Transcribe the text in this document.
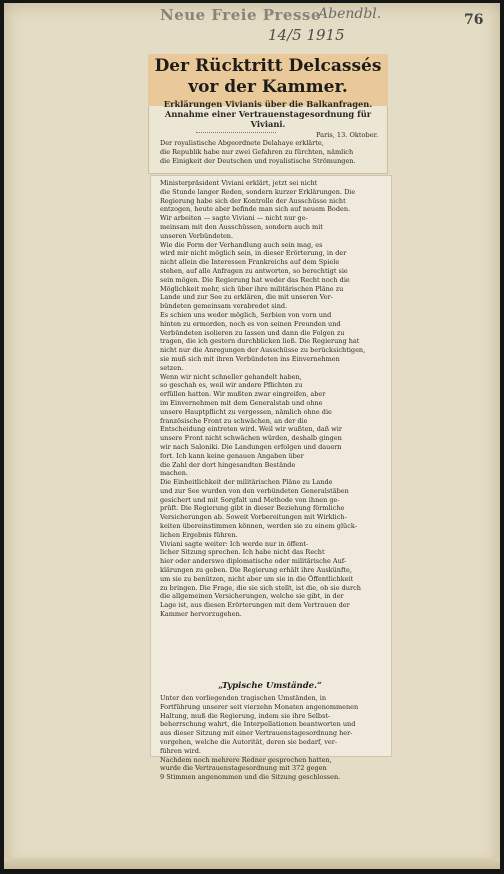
Neue Freie Presse
Abendbl.
14/5 1915
76
Der Rücktritt Delcassés
vor der Kammer.
Erklärungen Vivianis über die Balkanfragen.
Annahme einer Vertrauenstagesordnung für
Viviani.
Paris, 13. Oktober.
Der royalistische Abgeordnete Delahaye erklärte,
die Republik habe nur zwei Gefahren zu fürchten, nämlich
die Einigkeit der Deutschen und royalistische Strömungen.
Ministerpräsident Viviani erklärt, jetzt sei nicht
die Stunde langer Reden, sondern kurzer Erklärungen. Die
Regierung habe sich der Kontrolle der Ausschüsse nicht
entzogen, heute aber befinde man sich auf neuem Boden.
Wir arbeiten — sagte Viviani — nicht nur ge-
meinsam mit den Ausschüssen, sondern auch mit
unseren Verbündeten.
Wie die Form der Verhandlung auch sein mag, es
wird mir nicht möglich sein, in dieser Erörterung, in der
nicht allein die Interessen Frankreichs auf dem Spiele
stehen, auf alle Anfragen zu antworten, so berechtigt sie
sein mögen. Die Regierung hat weder das Recht noch die
Möglichkeit mehr, sich über ihre militärischen Pläne zu
Lande und zur See zu erklären, die mit unseren Ver-
bündeten gemeinsam verabredet sind.
Es schien uns weder möglich, Serbien von vorn und
hinten zu ermorden, noch es von seinen Freunden und
Verbündeten isolieren zu lassen und dann die Folgen zu
tragen, die ich gestern durchblicken ließ. Die Regierung hat
nicht nur die Anregungen der Ausschüsse zu berücksichtigen,
sie muß sich mit ihren Verbündeten ins Einvernehmen
setzen.
Wenn wir nicht schneller gehandelt haben,
so geschah es, weil wir andere Pflichten zu
erfüllen hatten. Wir mußten zwar eingreifen, aber
im Einvernehmen mit dem Generalstab und ohne
unsere Hauptpflicht zu vergessen, nämlich ohne die
französische Front zu schwächen, an der die
Entscheidung eintreten wird. Weil wir wußten, daß wir
unsere Front nicht schwächen würden, deshalb gingen
wir nach Saloniki. Die Landungen erfolgen und dauern
fort. Ich kann keine genauen Angaben über
die Zahl der dort hingesandten Bestände
machen.
Die Einheitlichkeit der militärischen Pläne zu Lande
und zur See wurden von den verbündeten Generalstäben
gesichert und mit Sorgfalt und Methode von ihnen ge-
prüft. Die Regierung gibt in dieser Beziehung förmliche
Versicherungen ab. Soweit Vorbereitungen mit Wirklich-
keiten übereinstimmen können, werden sie zu einem glück-
lichen Ergebnis führen.
Viviani sagte weiter: Ich werde nur in öffent-
licher Sitzung sprechen. Ich habe nicht das Recht
hier oder anderswo diplomatische oder militärische Auf-
klärungen zu geben. Die Regierung erhält ihre Auskünfte,
um sie zu benützen, nicht aber um sie in die Öffentlichkeit
zu bringen. Die Frage, die sie sich stellt, ist die, ob sie durch
die allgemeinen Versicherungen, welche sie gibt, in der
Lage ist, aus diesen Erörterungen mit dem Vertrauen der
Kammer hervorzugehen.
„Typische Umstände.“
Unter den vorliegenden tragischen Umständen, in
Fortführung unserer seit vierzehn Monaten angenommenen
Haltung, muß die Regierung, indem sie ihre Selbst-
beherrschung wahrt, die Interpellationen beantworten und
aus dieser Sitzung mit einer Vertrauenstagesordnung her-
vorgehen, welche die Autorität, deren sie bedarf, ver-
führen wird.
Nachdem noch mehrere Redner gesprochen hatten,
wurde die Vertrauenstagesordnung mit 372 gegen
9 Stimmen angenommen und die Sitzung geschlossen.
